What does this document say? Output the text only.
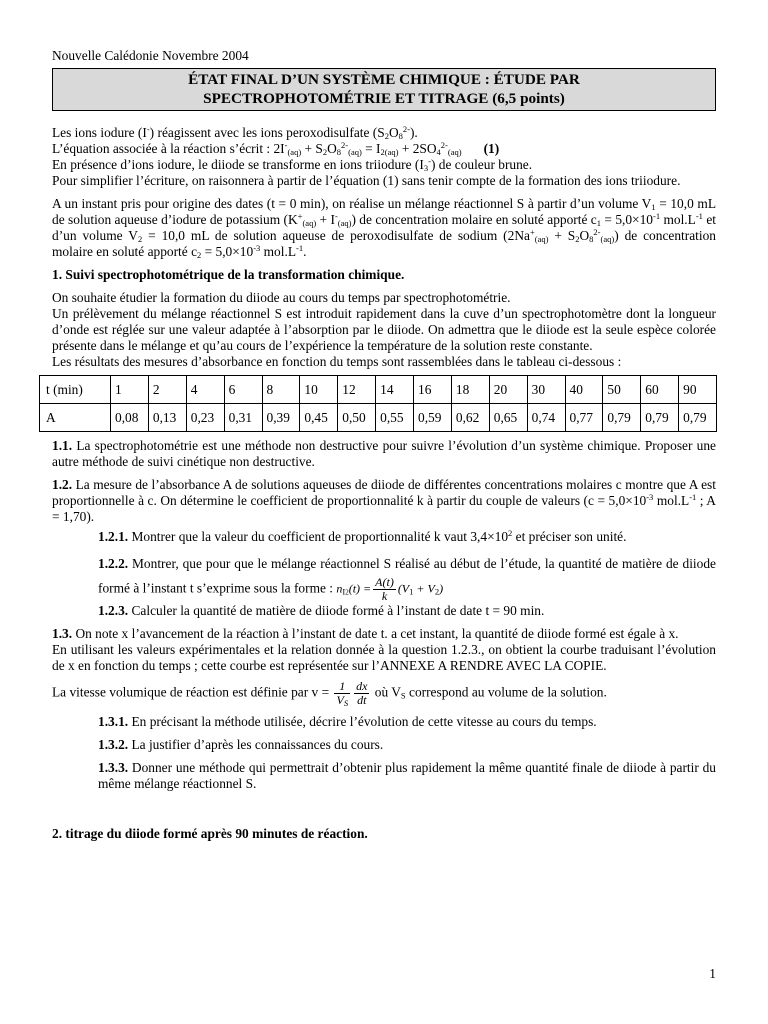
Nouvelle Calédonie Novembre 2004

ÉTAT FINAL D’UN SYSTÈME CHIMIQUE : ÉTUDE PAR
SPECTROPHOTOMÉTRIE ET TITRAGE (6,5 points)

Les ions iodure (I-) réagissent avec les ions peroxodisulfate $(S_2O_8^{2-})$.

L’équation associée à la réaction s’écrit : $2I^-_{(aq)} + S_2O_8^{2-}_{(aq)} = I_{2(aq)} + 2SO_4^{2-}_{(aq)}$ (1)

En présence d’ions iodure, le diiode se transforme en ions triiodure $(I_3^-)$ de couleur brune.

Pour simplifier l’écriture, on raisonnera à partir de l’équation (1) sans tenir compte de la formation des ions triiodure.

A un instant pris pour origine des dates (t = 0 min), on réalise un mélange réactionnel S à partir d’un volume $V_1 = 10,0$ mL de solution aqueuse d’iodure de potassium $(K^+_{(aq)} + I^-_{(aq)})$ de concentration molaire en soluté apporté $c_1 = 5,0\times 10^{-1}$ $mol.L^{-1}$ et d’un volume $V_2 = 10,0$ mL de solution aqueuse de peroxodisulfate de sodium $(2Na^+_{(aq)} + S_2O_8^{2-}_{(aq)})$ de concentration molaire en soluté apporté $c_2 = 5,0\times 10^{-3}$ $mol.L^{-1}$.

1. Suivi spectrophotométrique de la transformation chimique.

On souhaite étudier la formation du diiode au cours du temps par spectrophotométrie.

Un prélèvement du mélange réactionnel S est introduit rapidement dans la cuve d’un spectrophotomètre dont la longueur d’onde est réglée sur une valeur adaptée à l’absorption par le diiode. On admettra que le diiode est la seule espèce colorée présente dans le mélange et qu’au cours de l’expérience la température de la solution reste constante.

Les résultats des mesures d’absorbance en fonction du temps sont rassemblées dans le tableau ci-dessous :

t (min)	1	2	4	6	8	10	12	14	16	18	20	30	40	50	60	90
A	0,08	0,13	0,23	0,31	0,39	0,45	0,50	0,55	0,59	0,62	0,65	0,74	0,77	0,79	0,79	0,79

1.1. La spectrophotométrie est une méthode non destructive pour suivre l’évolution d’un système chimique. Proposer une autre méthode de suivi cinétique non destructive.

1.2. La mesure de l’absorbance A de solutions aqueuses de diiode de différentes concentrations molaires c montre que A est proportionnelle à c. On détermine le coefficient de proportionnalité k à partir du couple de valeurs ($c = 5,0\times 10^{-3}$ $mol.L^{-1}$ ; A = 1,70).

1.2.1. Montrer que la valeur du coefficient de proportionnalité k vaut $3,4\times 10^2$ et préciser son unité.

1.2.2. Montrer, que pour que le mélange réactionnel S réalisé au début de l’étude, la quantité de matière de diiode formé à l’instant t s’exprime sous la forme : $n_{I2}(t) = \frac{A(t)}{k} (V_1 + V_2)$

1.2.3. Calculer la quantité de matière de diiode formé à l’instant de date t = 90 min.

1.3. On note x l’avancement de la réaction à l’instant de date t. a cet instant, la quantité de diiode formé est égale à x.

En utilisant les valeurs expérimentales et la relation donnée à la question 1.2.3., on obtient la courbe traduisant l’évolution de x en fonction du temps ; cette courbe est représentée sur l’ANNEXE A RENDRE AVEC LA COPIE.

La vitesse volumique de réaction est définie par $v = \frac{1}{V_S} \frac{dx}{dt}$ où $V_S$ correspond au volume de la solution.

1.3.1. En précisant la méthode utilisée, décrire l’évolution de cette vitesse au cours du temps.

1.3.2. La justifier d’après les connaissances du cours.

1.3.3. Donner une méthode qui permettrait d’obtenir plus rapidement la même quantité finale de diiode à partir du même mélange réactionnel S.

2. titrage du diiode formé après 90 minutes de réaction.

1
